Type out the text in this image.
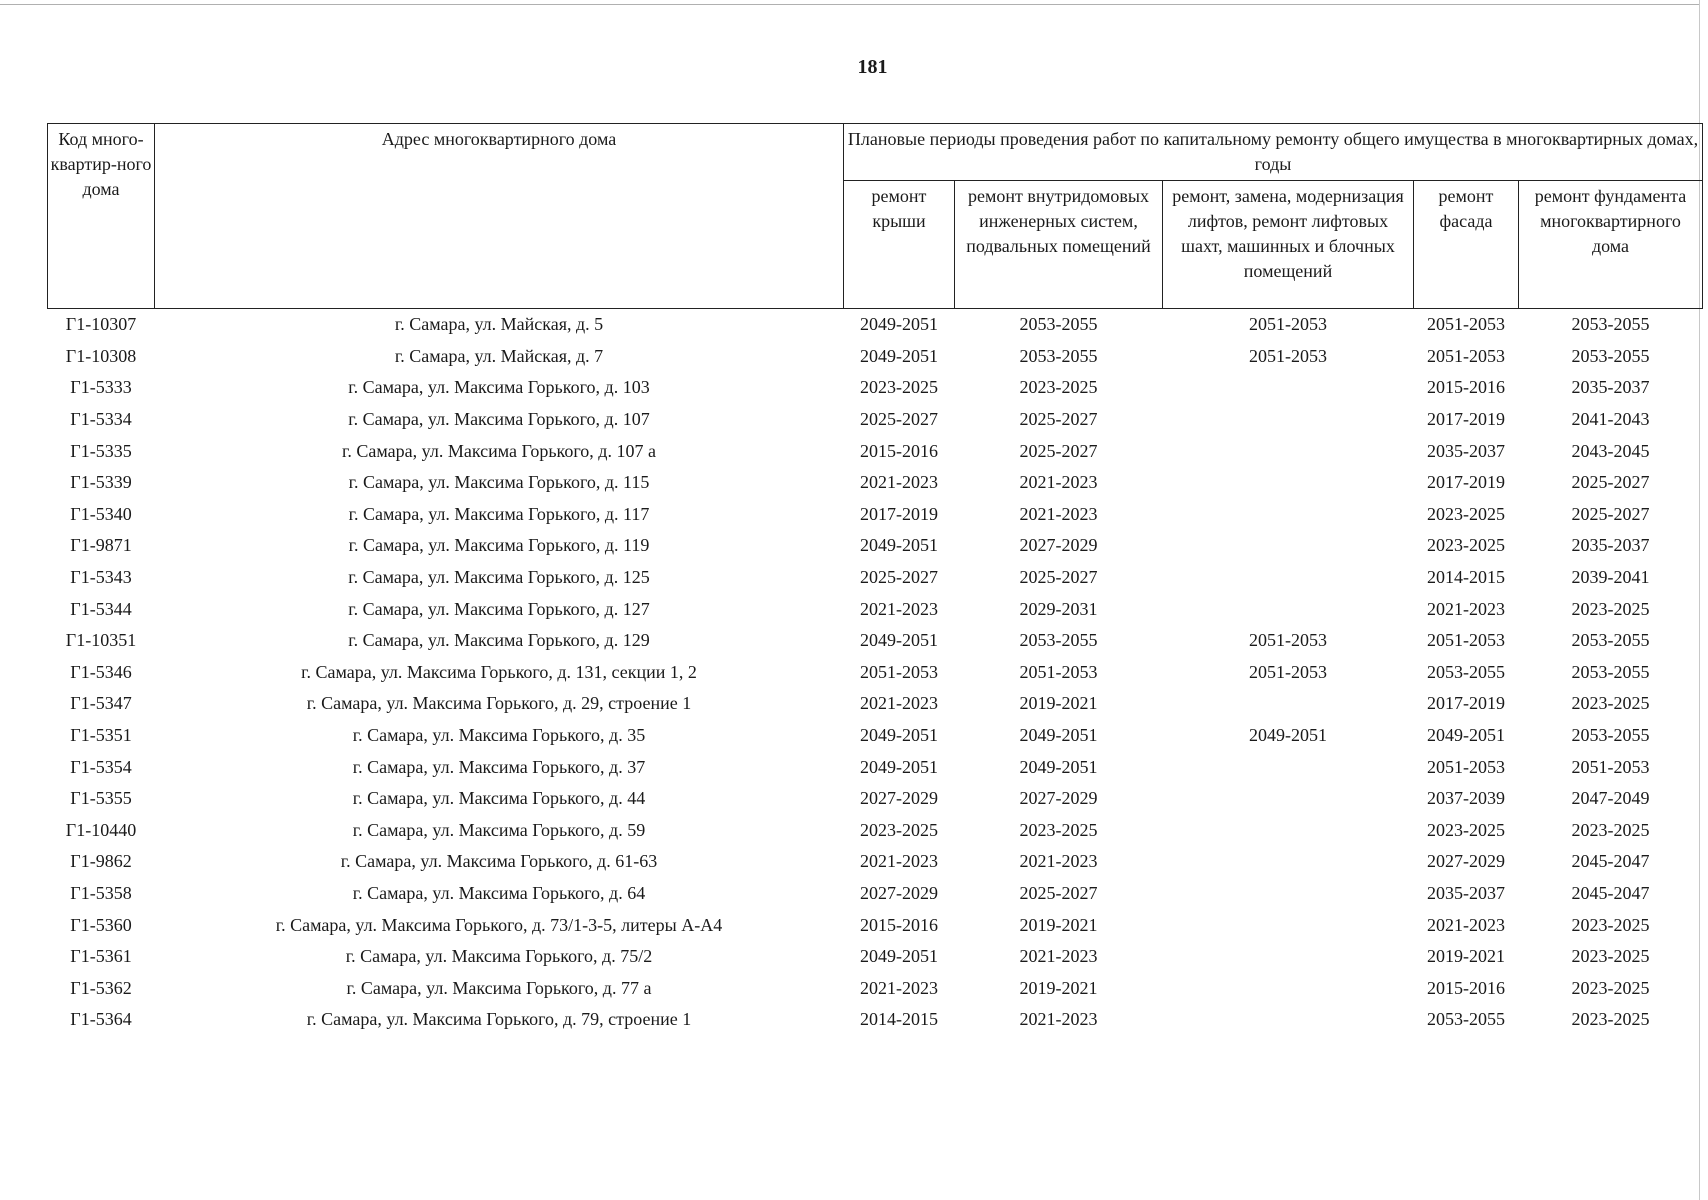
181
Код много-квартир-ного дома	Адрес многоквартирного дома	Плановые периоды проведения работ по капитальному ремонту общего имущества в многоквартирных домах, годы				
		ремонт крыши	ремонт внутридомовых инженерных систем, подвальных помещений	ремонт, замена, модернизация лифтов, ремонт лифтовых шахт, машинных и блочных помещений	ремонт фасада	ремонт фундамента многоквартирного дома
Г1-10307	г. Самара, ул. Майская, д. 5	2049-2051	2053-2055	2051-2053	2051-2053	2053-2055
Г1-10308	г. Самара, ул. Майская, д. 7	2049-2051	2053-2055	2051-2053	2051-2053	2053-2055
Г1-5333	г. Самара, ул. Максима Горького, д. 103	2023-2025	2023-2025		2015-2016	2035-2037
Г1-5334	г. Самара, ул. Максима Горького, д. 107	2025-2027	2025-2027		2017-2019	2041-2043
Г1-5335	г. Самара, ул. Максима Горького, д. 107 а	2015-2016	2025-2027		2035-2037	2043-2045
Г1-5339	г. Самара, ул. Максима Горького, д. 115	2021-2023	2021-2023		2017-2019	2025-2027
Г1-5340	г. Самара, ул. Максима Горького, д. 117	2017-2019	2021-2023		2023-2025	2025-2027
Г1-9871	г. Самара, ул. Максима Горького, д. 119	2049-2051	2027-2029		2023-2025	2035-2037
Г1-5343	г. Самара, ул. Максима Горького, д. 125	2025-2027	2025-2027		2014-2015	2039-2041
Г1-5344	г. Самара, ул. Максима Горького, д. 127	2021-2023	2029-2031		2021-2023	2023-2025
Г1-10351	г. Самара, ул. Максима Горького, д. 129	2049-2051	2053-2055	2051-2053	2051-2053	2053-2055
Г1-5346	г. Самара, ул. Максима Горького, д. 131, секции 1, 2	2051-2053	2051-2053	2051-2053	2053-2055	2053-2055
Г1-5347	г. Самара, ул. Максима Горького, д. 29, строение 1	2021-2023	2019-2021		2017-2019	2023-2025
Г1-5351	г. Самара, ул. Максима Горького, д. 35	2049-2051	2049-2051	2049-2051	2049-2051	2053-2055
Г1-5354	г. Самара, ул. Максима Горького, д. 37	2049-2051	2049-2051		2051-2053	2051-2053
Г1-5355	г. Самара, ул. Максима Горького, д. 44	2027-2029	2027-2029		2037-2039	2047-2049
Г1-10440	г. Самара, ул. Максима Горького, д. 59	2023-2025	2023-2025		2023-2025	2023-2025
Г1-9862	г. Самара, ул. Максима Горького, д. 61-63	2021-2023	2021-2023		2027-2029	2045-2047
Г1-5358	г. Самара, ул. Максима Горького, д. 64	2027-2029	2025-2027		2035-2037	2045-2047
Г1-5360	г. Самара, ул. Максима Горького, д. 73/1-3-5, литеры А-А4	2015-2016	2019-2021		2021-2023	2023-2025
Г1-5361	г. Самара, ул. Максима Горького, д. 75/2	2049-2051	2021-2023		2019-2021	2023-2025
Г1-5362	г. Самара, ул. Максима Горького, д. 77 а	2021-2023	2019-2021		2015-2016	2023-2025
Г1-5364	г. Самара, ул. Максима Горького, д. 79, строение 1	2014-2015	2021-2023		2053-2055	2023-2025
